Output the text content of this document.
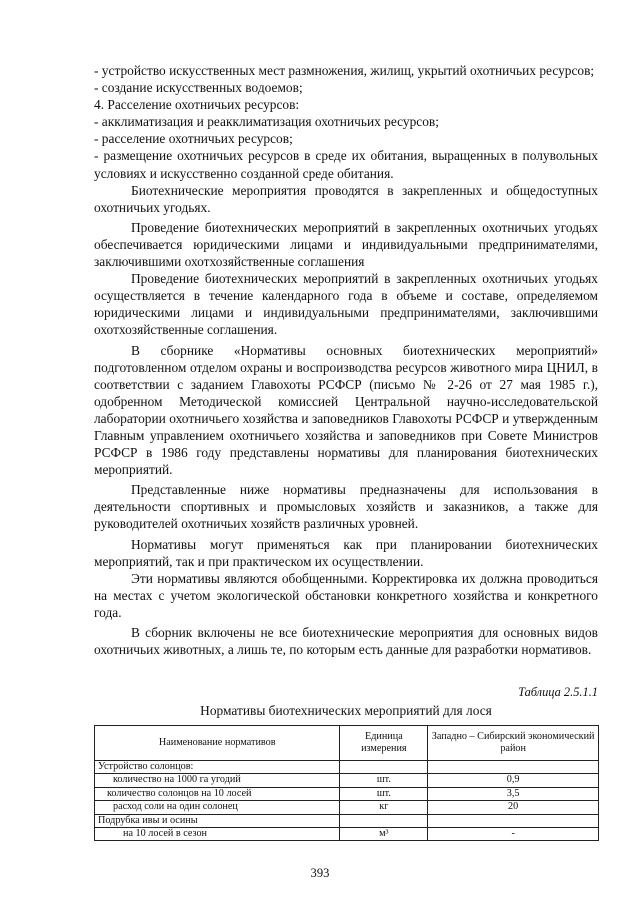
- устройство искусственных мест размножения, жилищ, укрытий охотничьих ресурсов;

- создание искусственных водоемов;

4. Расселение охотничьих ресурсов:

- акклиматизация и реакклиматизация охотничьих ресурсов;

- расселение охотничьих ресурсов;

- размещение охотничьих ресурсов в среде их обитания, выращенных в полувольных условиях и искусственно созданной среде обитания.

Биотехнические мероприятия проводятся в закрепленных и общедоступных охотничьих угодьях.

Проведение биотехнических мероприятий в закрепленных охотничьих угодьях обеспечивается юридическими лицами и индивидуальными предпринимателями, заключившими охотхозяйственные соглашения

Проведение биотехнических мероприятий в закрепленных охотничьих угодьях осуществляется в течение календарного года в объеме и составе, определяемом юридическими лицами и индивидуальными предпринимателями, заключившими охотхозяйственные соглашения.

В сборнике «Нормативы основных биотехнических мероприятий» подготовленном отделом охраны и воспроизводства ресурсов животного мира ЦНИЛ, в соответствии с заданием Главохоты РСФСР (письмо № 2-26 от 27 мая 1985 г.), одобренном Методической комиссией Центральной научно-исследовательской лаборатории охотничьего хозяйства и заповедников Главохоты РСФСР и утвержденным Главным управлением охотничьего хозяйства и заповедников при Совете Министров РСФСР в 1986 году представлены нормативы для планирования биотехнических мероприятий.

Представленные ниже нормативы предназначены для использования в деятельности спортивных и промысловых хозяйств и заказников, а также для руководителей охотничьих хозяйств различных уровней.

Нормативы могут применяться как при планировании биотехнических мероприятий, так и при практическом их осуществлении.

Эти нормативы являются обобщенными. Корректировка их должна проводиться на местах с учетом экологической обстановки конкретного хозяйства и конкретного года.

В сборник включены не все биотехнические мероприятия для основных видов охотничьих животных, а лишь те, по которым есть данные для разработки нормативов.

Таблица 2.5.1.1
Нормативы биотехнических мероприятий для лося
Наименование нормативов	Единица измерения	Западно – Сибирский экономический район
Устройство солонцов:		
количество на 1000 га угодий	шт.	0,9
количество солонцов на 10 лосей	шт.	3,5
расход соли на один солонец	кг	20
Подрубка ивы и осины		
на 10 лосей в сезон	м³	-
393
